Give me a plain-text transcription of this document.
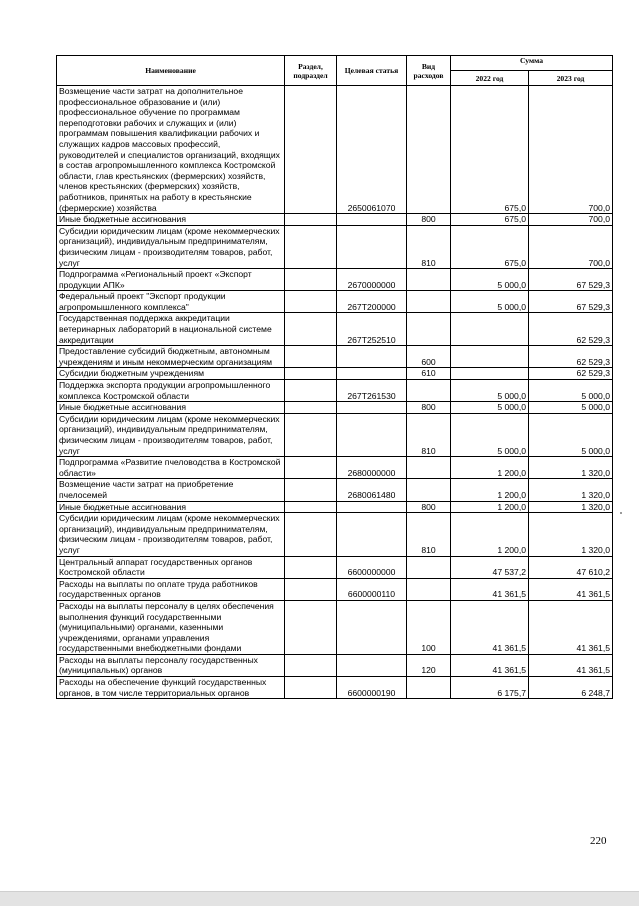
Наименование	Раздел, подраздел	Целевая статья	Вид расходов	Сумма	
				2022 год	2023 год
Возмещение части затрат на дополнительное профессиональное образование и (или) профессиональное обучение по программам переподготовки рабочих и служащих и (или) программам повышения квалификации рабочих и служащих кадров массовых профессий, руководителей и специалистов организаций, входящих в состав агропромышленного комплекса Костромской области, глав крестьянских (фермерских) хозяйств, членов крестьянских (фермерских) хозяйств, работников, принятых на работу в крестьянские (фермерские) хозяйства		2650061070		675,0	700,0
Иные бюджетные ассигнования			800	675,0	700,0
Субсидии юридическим лицам (кроме некоммерческих организаций), индивидуальным предпринимателям, физическим лицам - производителям товаров, работ, услуг			810	675,0	700,0
Подпрограмма «Региональный проект «Экспорт продукции АПК»		2670000000		5 000,0	67 529,3
Федеральный проект "Экспорт продукции агропромышленного комплекса"		267Т200000		5 000,0	67 529,3
Государственная поддержка аккредитации ветеринарных лабораторий в национальной системе аккредитации		267Т252510			62 529,3
Предоставление субсидий бюджетным, автономным учреждениям и иным некоммерческим организациям			600		62 529,3
Субсидии бюджетным учреждениям			610		62 529,3
Поддержка экспорта продукции агропромышленного комплекса Костромской области		267Т261530		5 000,0	5 000,0
Иные бюджетные ассигнования			800	5 000,0	5 000,0
Субсидии юридическим лицам (кроме некоммерческих организаций), индивидуальным предпринимателям, физическим лицам - производителям товаров, работ, услуг			810	5 000,0	5 000,0
Подпрограмма «Развитие пчеловодства в Костромской области»		2680000000		1 200,0	1 320,0
Возмещение части затрат на приобретение пчелосемей		2680061480		1 200,0	1 320,0
Иные бюджетные ассигнования			800	1 200,0	1 320,0
Субсидии юридическим лицам (кроме некоммерческих организаций), индивидуальным предпринимателям, физическим лицам - производителям товаров, работ, услуг			810	1 200,0	1 320,0
Центральный аппарат государственных органов Костромской области		6600000000		47 537,2	47 610,2
Расходы на выплаты по оплате труда работников государственных органов		6600000110		41 361,5	41 361,5
Расходы на выплаты персоналу в целях обеспечения выполнения функций государственными (муниципальными) органами, казенными учреждениями, органами управления государственными внебюджетными фондами			100	41 361,5	41 361,5
Расходы на выплаты персоналу государственных (муниципальных) органов			120	41 361,5	41 361,5
Расходы на обеспечение функций государственных органов, в том числе территориальных органов		6600000190		6 175,7	6 248,7
220
